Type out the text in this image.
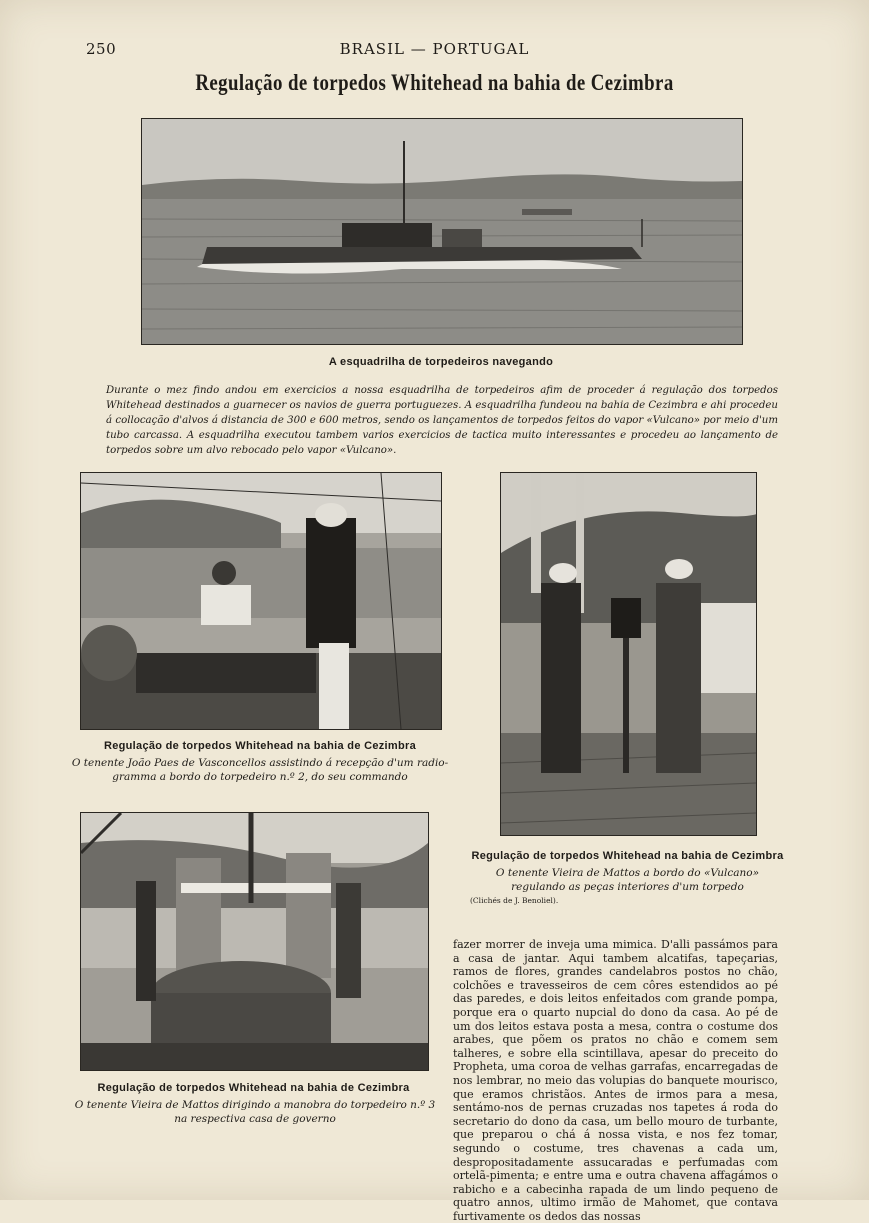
250	BRASIL — PORTUGAL
Regulação de torpedos Whitehead na bahia de Cezimbra
A esquadrilha de torpedeiros navegando
Durante o mez findo andou em exercicios a nossa esquadrilha de torpedeiros afim de proceder á regulação dos torpedos Whitehead destinados a guarnecer os navios de guerra portuguezes. A esquadrilha fundeou na bahia de Cezimbra e ahi procedeu á collocação d'alvos á distancia de 300 e 600 metros, sendo os lançamentos de torpedos feitos do vapor «Vulcano» por meio d'um tubo carcassa. A esquadrilha executou tambem varios exercicios de tactica muito interessantes e procedeu ao lançamento de torpedos sobre um alvo rebocado pelo vapor «Vulcano».
Regulação de torpedos Whitehead na bahia de Cezimbra
O tenente João Paes de Vasconcellos assistindo á recepção d'um radio-
gramma a bordo do torpedeiro n.º 2, do seu commando
Regulação de torpedos Whitehead na bahia de Cezimbra
O tenente Vieira de Mattos a bordo do «Vulcano»
regulando as peças interiores d'um torpedo
(Clichés de J. Benoliel).
Regulação de torpedos Whitehead na bahia de Cezimbra
O tenente Vieira de Mattos dirigindo a manobra do torpedeiro n.º 3
na respectiva casa de governo
fazer morrer de inveja uma mimica. D'alli passámos para a casa de jantar. Aqui tambem alcatifas, tapeçarias, ramos de flores, grandes candelabros postos no chão, colchões e travesseiros de cem côres estendidos ao pé das paredes, e dois leitos enfeitados com grande pompa, porque era o quarto nupcial do dono da casa. Ao pé de um dos leitos estava posta a mesa, contra o costume dos arabes, que põem os pratos no chão e comem sem talheres, e sobre ella scintillava, apesar do preceito do Propheta, uma coroa de velhas garrafas, encarregadas de nos lembrar, no meio das volupias do banquete mourisco, que eramos christãos. Antes de irmos para a mesa, sentámo-nos de pernas cruzadas nos tapetes á roda do secretario do dono da casa, um bello mouro de turbante, que preparou o chá á nossa vista, e nos fez tomar, segundo o costume, tres chavenas a cada um, despropositadamente assucaradas e perfumadas com ortelã-pimenta; e entre uma e outra chavena affagámos o rabicho e a cabecinha rapada de um lindo pequeno de quatro annos, ultimo irmão de Mahomet, que contava furtivamente os dedos das nossas
